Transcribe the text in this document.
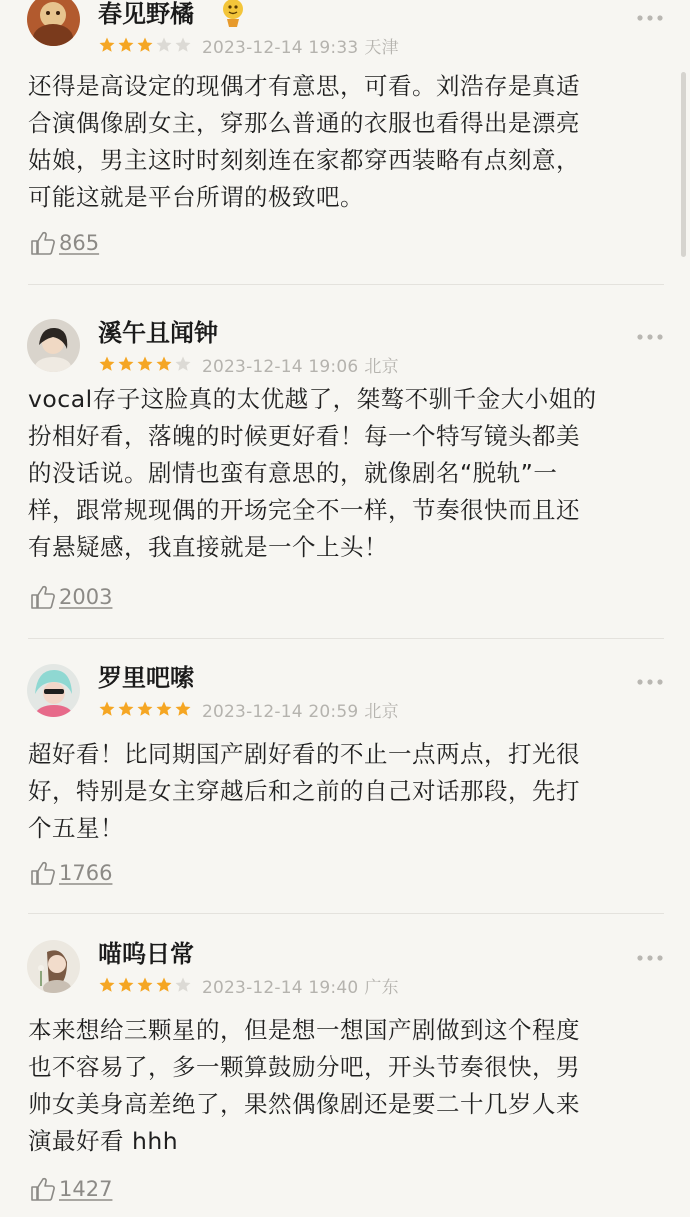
春见野橘
2023-12-14 19:33 天津
还得是高设定的现偶才有意思，可看。刘浩存是真适
合演偶像剧女主，穿那么普通的衣服也看得出是漂亮
姑娘，男主这时时刻刻连在家都穿西装略有点刻意，
可能这就是平台所谓的极致吧。
865
溪午且闻钟
2023-12-14 19:06 北京
vocal存子这脸真的太优越了，桀骜不驯千金大小姐的
扮相好看，落魄的时候更好看！每一个特写镜头都美
的没话说。剧情也蛮有意思的，就像剧名“脱轨”一
样，跟常规现偶的开场完全不一样，节奏很快而且还
有悬疑感，我直接就是一个上头！
2003
罗里吧嗦
2023-12-14 20:59 北京
超好看！比同期国产剧好看的不止一点两点，打光很
好，特别是女主穿越后和之前的自己对话那段，先打
个五星！
1766
喵呜日常
2023-12-14 19:40 广东
本来想给三颗星的，但是想一想国产剧做到这个程度
也不容易了，多一颗算鼓励分吧，开头节奏很快，男
帅女美身高差绝了，果然偶像剧还是要二十几岁人来
演最好看 hhh
1427
